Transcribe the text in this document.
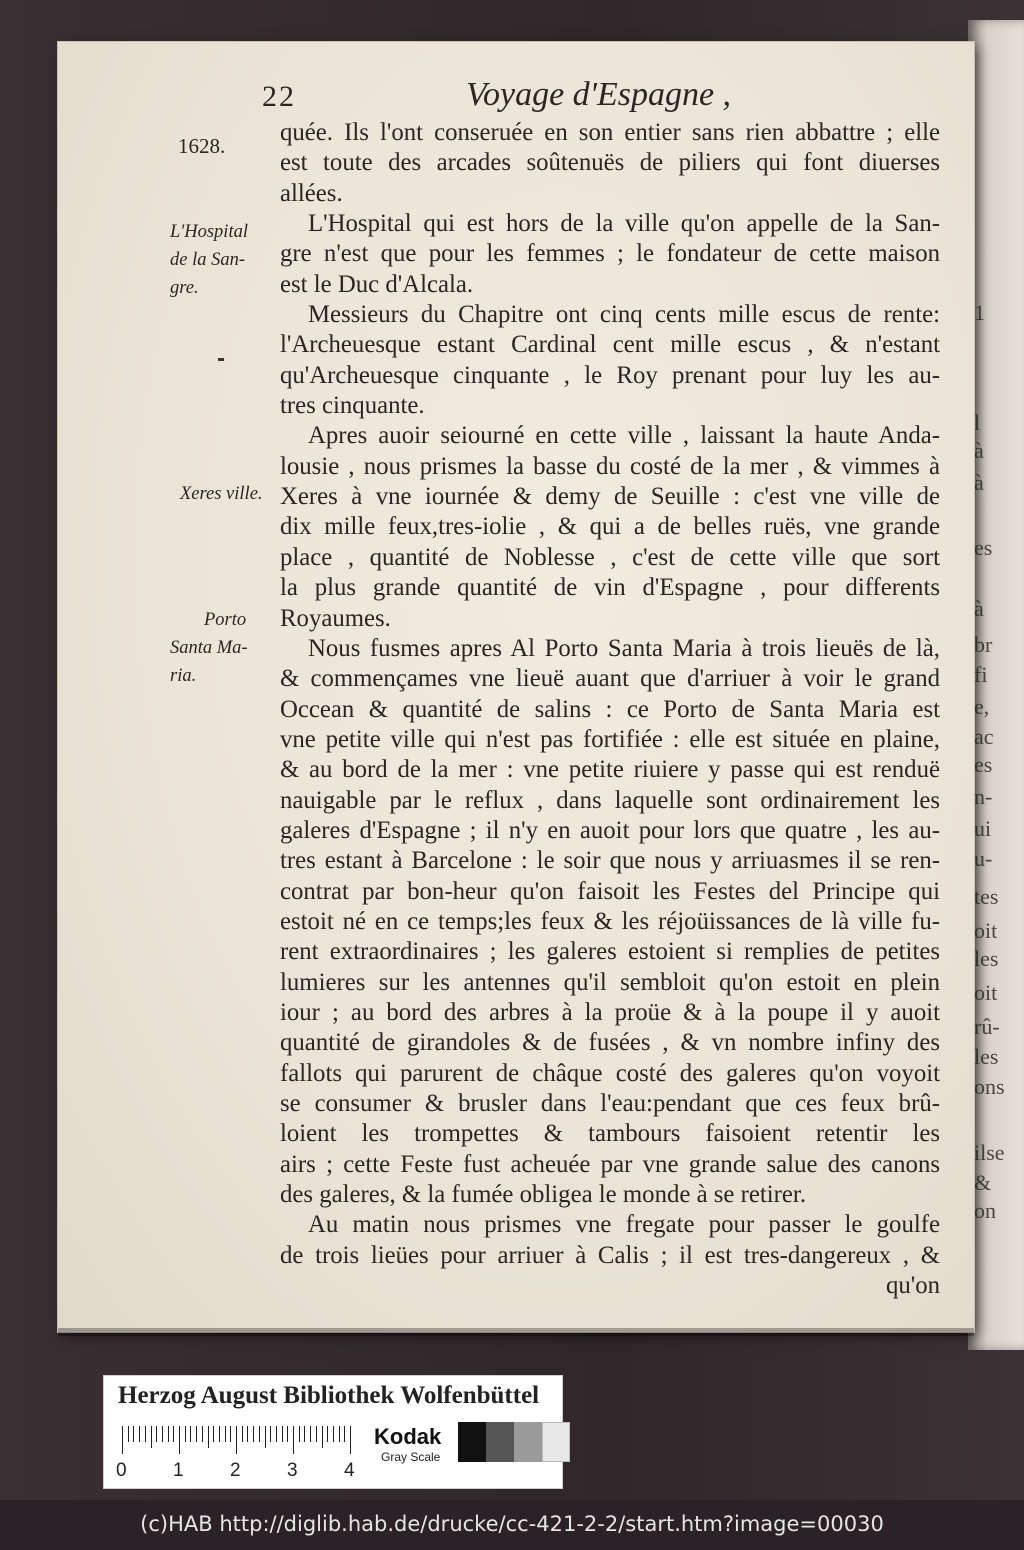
1
l
à
à
es
à
br
fi
e,
ac
es
n-
ui
u-
tes
oit
les
oit
rû-
les
ons
ilse
&
on
22	Voyage d'Espagne ,
1628.
L'Hospital
de la San-
gre.
Xeres ville.
Porto
Santa Ma-
ria.
quée. Ils l'ont conseruée en son entier sans rien abbattre ; elle
est toute des arcades soûtenuës de piliers qui font diuerses
allées.
L'Hospital qui est hors de la ville qu'on appelle de la San-
gre n'est que pour les femmes ; le fondateur de cette maison
est le Duc d'Alcala.
Messieurs du Chapitre ont cinq cents mille escus de rente:
l'Archeuesque estant Cardinal cent mille escus , & n'estant
qu'Archeuesque cinquante , le Roy prenant pour luy les au-
tres cinquante.
Apres auoir seiourné en cette ville , laissant la haute Anda-
lousie , nous prismes la basse du costé de la mer , & vimmes à
Xeres à vne iournée & demy de Seuille : c'est vne ville de
dix mille feux,tres-iolie , & qui a de belles ruës, vne grande
place , quantité de Noblesse , c'est de cette ville que sort
la plus grande quantité de vin d'Espagne , pour differents
Royaumes.
Nous fusmes apres Al Porto Santa Maria à trois lieuës de là,
& commençames vne lieuë auant que d'arriuer à voir le grand
Occean & quantité de salins : ce Porto de Santa Maria est
vne petite ville qui n'est pas fortifiée : elle est située en plaine,
& au bord de la mer : vne petite riuiere y passe qui est renduë
nauigable par le reflux , dans laquelle sont ordinairement les
galeres d'Espagne ; il n'y en auoit pour lors que quatre , les au-
tres estant à Barcelone : le soir que nous y arriuasmes il se ren-
contrat par bon-heur qu'on faisoit les Festes del Principe qui
estoit né en ce temps;les feux & les réjoüissances de là ville fu-
rent extraordinaires ; les galeres estoient si remplies de petites
lumieres sur les antennes qu'il sembloit qu'on estoit en plein
iour ; au bord des arbres à la proüe & à la poupe il y auoit
quantité de girandoles & de fusées , & vn nombre infiny des
fallots qui parurent de châque costé des galeres qu'on voyoit
se consumer & brusler dans l'eau:pendant que ces feux brû-
loient les trompettes & tambours faisoient retentir les
airs ; cette Feste fust acheuée par vne grande salue des canons
des galeres, & la fumée obligea le monde à se retirer.
Au matin nous prismes vne fregate pour passer le goulfe
de trois lieües pour arriuer à Calis ; il est tres-dangereux , &
qu'on
Herzog August Bibliothek Wolfenbüttel
0 1 2 3 4
Kodak
Gray Scale
(c)HAB http://diglib.hab.de/drucke/cc-421-2-2/start.htm?image=00030
